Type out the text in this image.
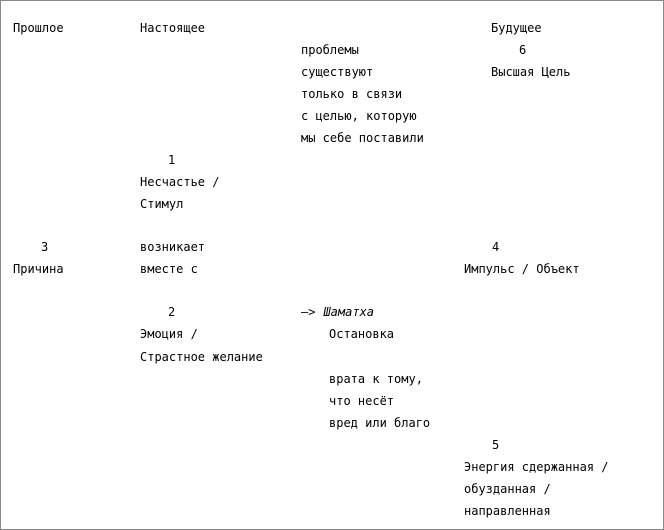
Прошлое	Настоящее	Будущее
проблемы
существуют
только в связи
с целью, которую
мы себе поставили
6
Высшая Цель
1
Несчастье /
Стимул
3
Причина
возникает
вместе с
4
Импульс / Объект
2
Эмоция /
Страстное желание
—> Шаматха
Остановка
врата к тому,
что несёт
вред или благо
5
Энергия сдержанная /
обузданная /
направленная
